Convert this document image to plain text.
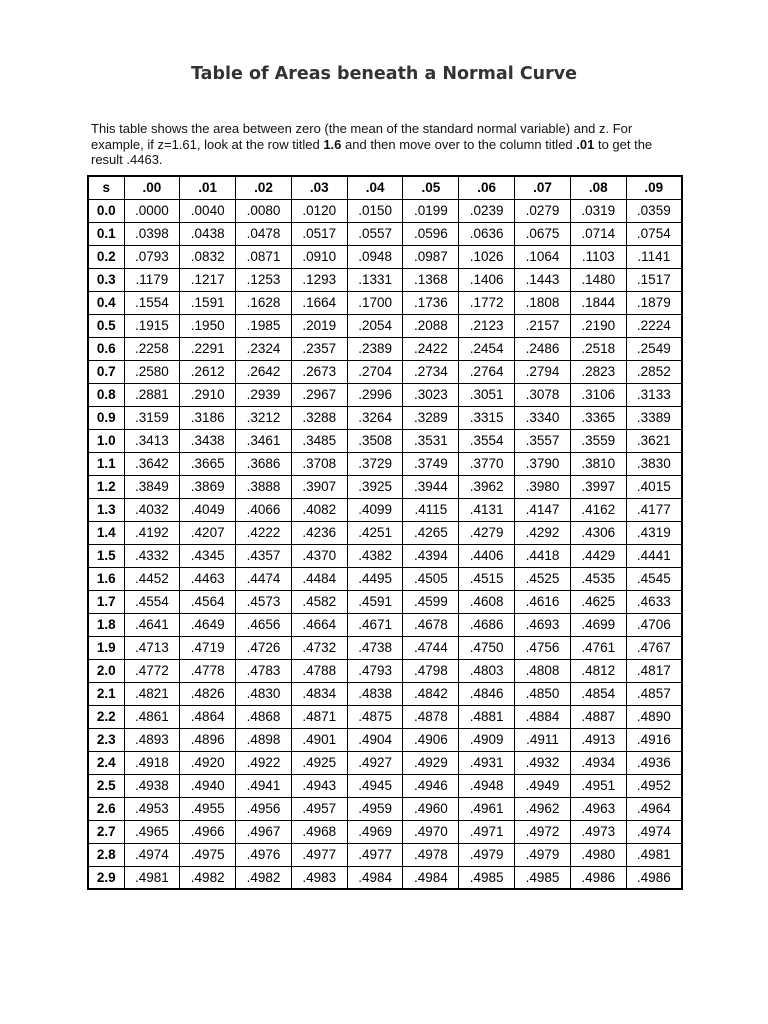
Table of Areas beneath a Normal Curve

This table shows the area between zero (the mean of the standard normal variable) and z. For example, if z=1.61, look at the row titled 1.6 and then move over to the column titled .01 to get the result .4463.

s	.00	.01	.02	.03	.04	.05	.06	.07	.08	.09
0.0	.0000	.0040	.0080	.0120	.0150	.0199	.0239	.0279	.0319	.0359
0.1	.0398	.0438	.0478	.0517	.0557	.0596	.0636	.0675	.0714	.0754
0.2	.0793	.0832	.0871	.0910	.0948	.0987	.1026	.1064	.1103	.1141
0.3	.1179	.1217	.1253	.1293	.1331	.1368	.1406	.1443	.1480	.1517
0.4	.1554	.1591	.1628	.1664	.1700	.1736	.1772	.1808	.1844	.1879
0.5	.1915	.1950	.1985	.2019	.2054	.2088	.2123	.2157	.2190	.2224
0.6	.2258	.2291	.2324	.2357	.2389	.2422	.2454	.2486	.2518	.2549
0.7	.2580	.2612	.2642	.2673	.2704	.2734	.2764	.2794	.2823	.2852
0.8	.2881	.2910	.2939	.2967	.2996	.3023	.3051	.3078	.3106	.3133
0.9	.3159	.3186	.3212	.3288	.3264	.3289	.3315	.3340	.3365	.3389
1.0	.3413	.3438	.3461	.3485	.3508	.3531	.3554	.3557	.3559	.3621
1.1	.3642	.3665	.3686	.3708	.3729	.3749	.3770	.3790	.3810	.3830
1.2	.3849	.3869	.3888	.3907	.3925	.3944	.3962	.3980	.3997	.4015
1.3	.4032	.4049	.4066	.4082	.4099	.4115	.4131	.4147	.4162	.4177
1.4	.4192	.4207	.4222	.4236	.4251	.4265	.4279	.4292	.4306	.4319
1.5	.4332	.4345	.4357	.4370	.4382	.4394	.4406	.4418	.4429	.4441
1.6	.4452	.4463	.4474	.4484	.4495	.4505	.4515	.4525	.4535	.4545
1.7	.4554	.4564	.4573	.4582	.4591	.4599	.4608	.4616	.4625	.4633
1.8	.4641	.4649	.4656	.4664	.4671	.4678	.4686	.4693	.4699	.4706
1.9	.4713	.4719	.4726	.4732	.4738	.4744	.4750	.4756	.4761	.4767
2.0	.4772	.4778	.4783	.4788	.4793	.4798	.4803	.4808	.4812	.4817
2.1	.4821	.4826	.4830	.4834	.4838	.4842	.4846	.4850	.4854	.4857
2.2	.4861	.4864	.4868	.4871	.4875	.4878	.4881	.4884	.4887	.4890
2.3	.4893	.4896	.4898	.4901	.4904	.4906	.4909	.4911	.4913	.4916
2.4	.4918	.4920	.4922	.4925	.4927	.4929	.4931	.4932	.4934	.4936
2.5	.4938	.4940	.4941	.4943	.4945	.4946	.4948	.4949	.4951	.4952
2.6	.4953	.4955	.4956	.4957	.4959	.4960	.4961	.4962	.4963	.4964
2.7	.4965	.4966	.4967	.4968	.4969	.4970	.4971	.4972	.4973	.4974
2.8	.4974	.4975	.4976	.4977	.4977	.4978	.4979	.4979	.4980	.4981
2.9	.4981	.4982	.4982	.4983	.4984	.4984	.4985	.4985	.4986	.4986
